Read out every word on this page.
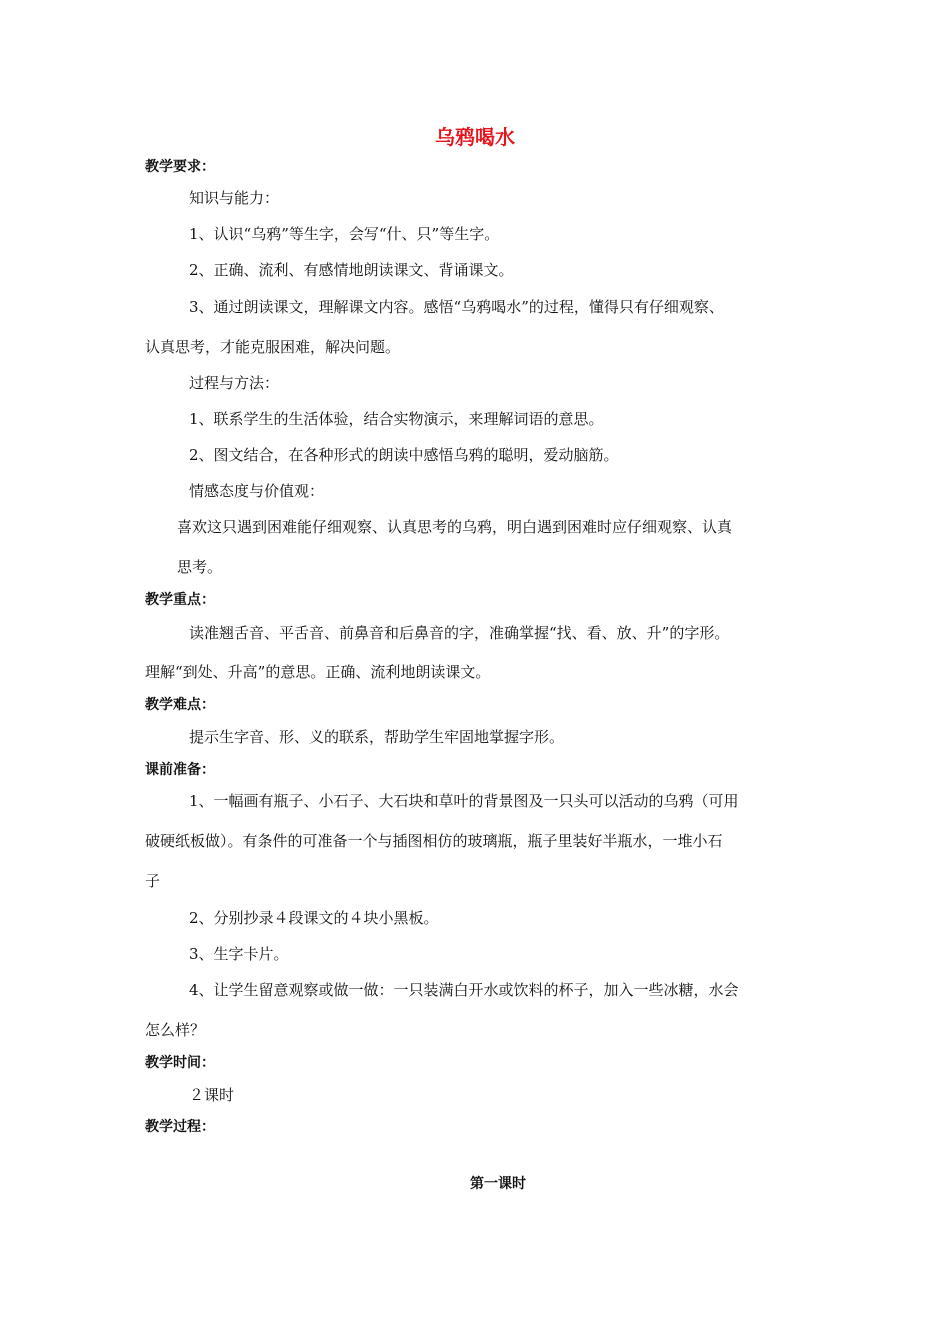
乌鸦喝水
教学要求：
知识与能力：
1、认识“乌鸦”等生字，会写“什、只”等生字。
2、正确、流利、有感情地朗读课文、背诵课文。
3、通过朗读课文，理解课文内容。感悟“乌鸦喝水”的过程，懂得只有仔细观察、
认真思考，才能克服困难，解决问题。
过程与方法：
1、联系学生的生活体验，结合实物演示，来理解词语的意思。
2、图文结合，在各种形式的朗读中感悟乌鸦的聪明，爱动脑筋。
情感态度与价值观：
喜欢这只遇到困难能仔细观察、认真思考的乌鸦，明白遇到困难时应仔细观察、认真
思考。
教学重点：
读准翘舌音、平舌音、前鼻音和后鼻音的字，准确掌握“找、看、放、升”的字形。
理解“到处、升高”的意思。正确、流利地朗读课文。
教学难点：
提示生字音、形、义的联系，帮助学生牢固地掌握字形。
课前准备：
1、一幅画有瓶子、小石子、大石块和草叶的背景图及一只头可以活动的乌鸦（可用
破硬纸板做）。有条件的可准备一个与插图相仿的玻璃瓶，瓶子里装好半瓶水，一堆小石
子
2、分别抄录４段课文的４块小黑板。
3、生字卡片。
4、让学生留意观察或做一做：一只装满白开水或饮料的杯子，加入一些冰糖，水会
怎么样？
教学时间：
２课时
教学过程：
第一课时
